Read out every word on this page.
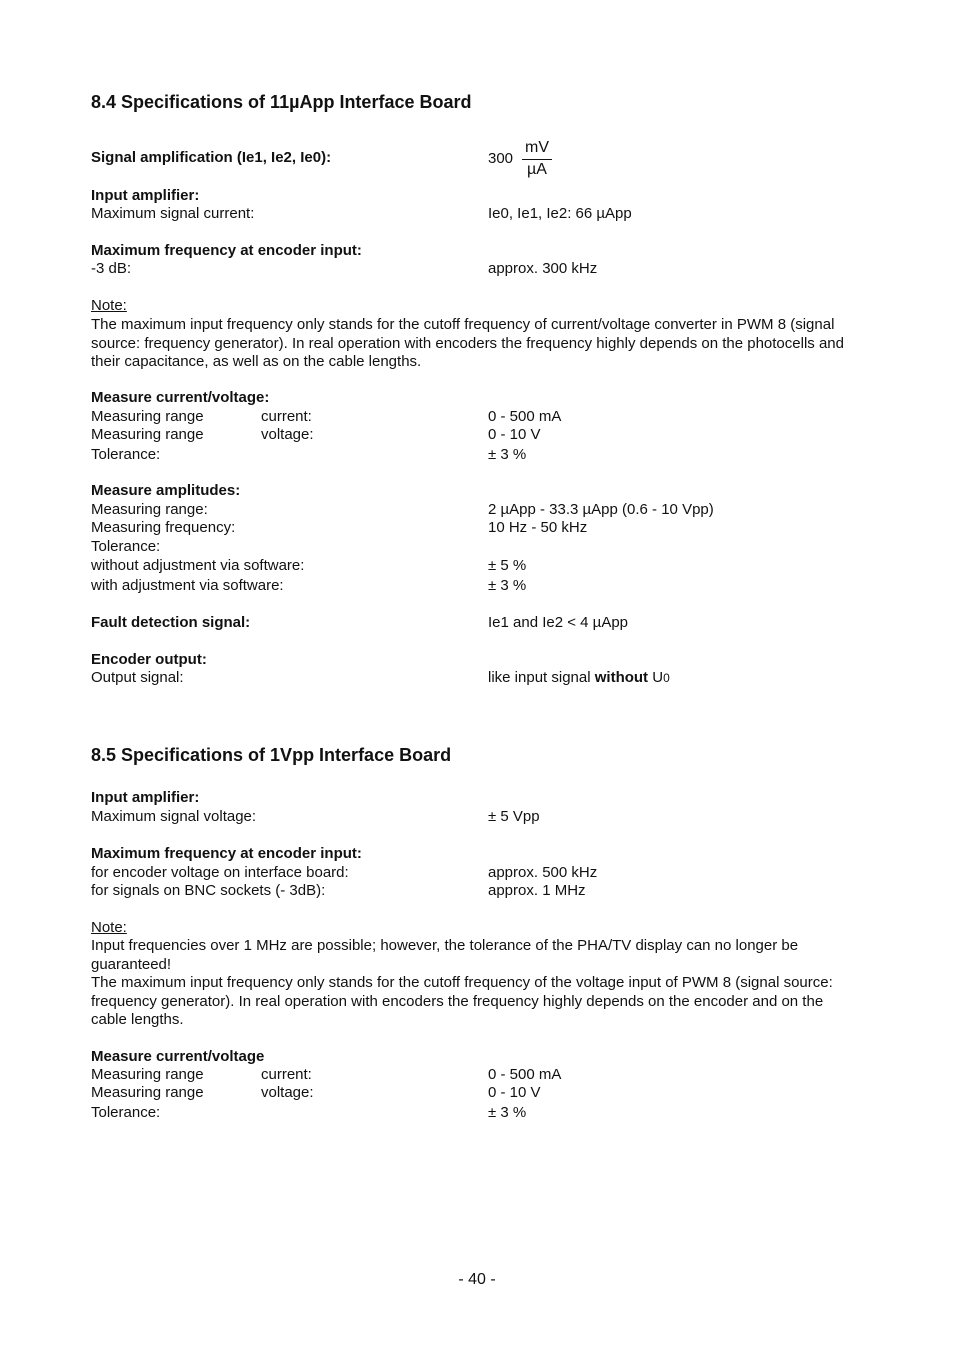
8.4 Specifications of 11µApp Interface Board
Signal amplification (Ie1, Ie2, Ie0):	300
mV
µA
Input amplifier:
Maximum signal current:	Ie0, Ie1, Ie2: 66 µApp
Maximum frequency at encoder input:
-3 dB:	approx. 300 kHz
Note:
The maximum input frequency only stands for the cutoff frequency of current/voltage converter in PWM 8 (signal source: frequency generator). In real operation with encoders the frequency highly depends on the photocells and their capacitance, as well as on the cable lengths.
Measure current/voltage:
Measuring range	current:	0 - 500 mA
Measuring range	voltage:	0 - 10 V
Tolerance:	± 3 %
Measure amplitudes:
Measuring range:	2 µApp - 33.3 µApp (0.6 - 10 Vpp)
Measuring frequency:	10 Hz - 50 kHz
Tolerance:
without adjustment via software:	± 5 %
with adjustment via software:	± 3 %
Fault detection signal:	Ie1 and Ie2 < 4 µApp
Encoder output:
Output signal:	like input signal without U0
8.5 Specifications of 1Vpp Interface Board
Input amplifier:
Maximum signal voltage:	± 5 Vpp
Maximum frequency at encoder input:
for encoder voltage on interface board:	approx. 500 kHz
for signals on BNC sockets (- 3dB):	approx. 1 MHz
Note:
Input frequencies over 1 MHz are possible; however, the tolerance of the PHA/TV display can no longer be guaranteed!
The maximum input frequency only stands for the cutoff frequency of the voltage input of PWM 8 (signal source: frequency generator). In real operation with encoders the frequency highly depends on the encoder and on the cable lengths.
Measure current/voltage
Measuring range	current:	0 - 500 mA
Measuring range	voltage:	0 - 10 V
Tolerance:	± 3 %
- 40 -
